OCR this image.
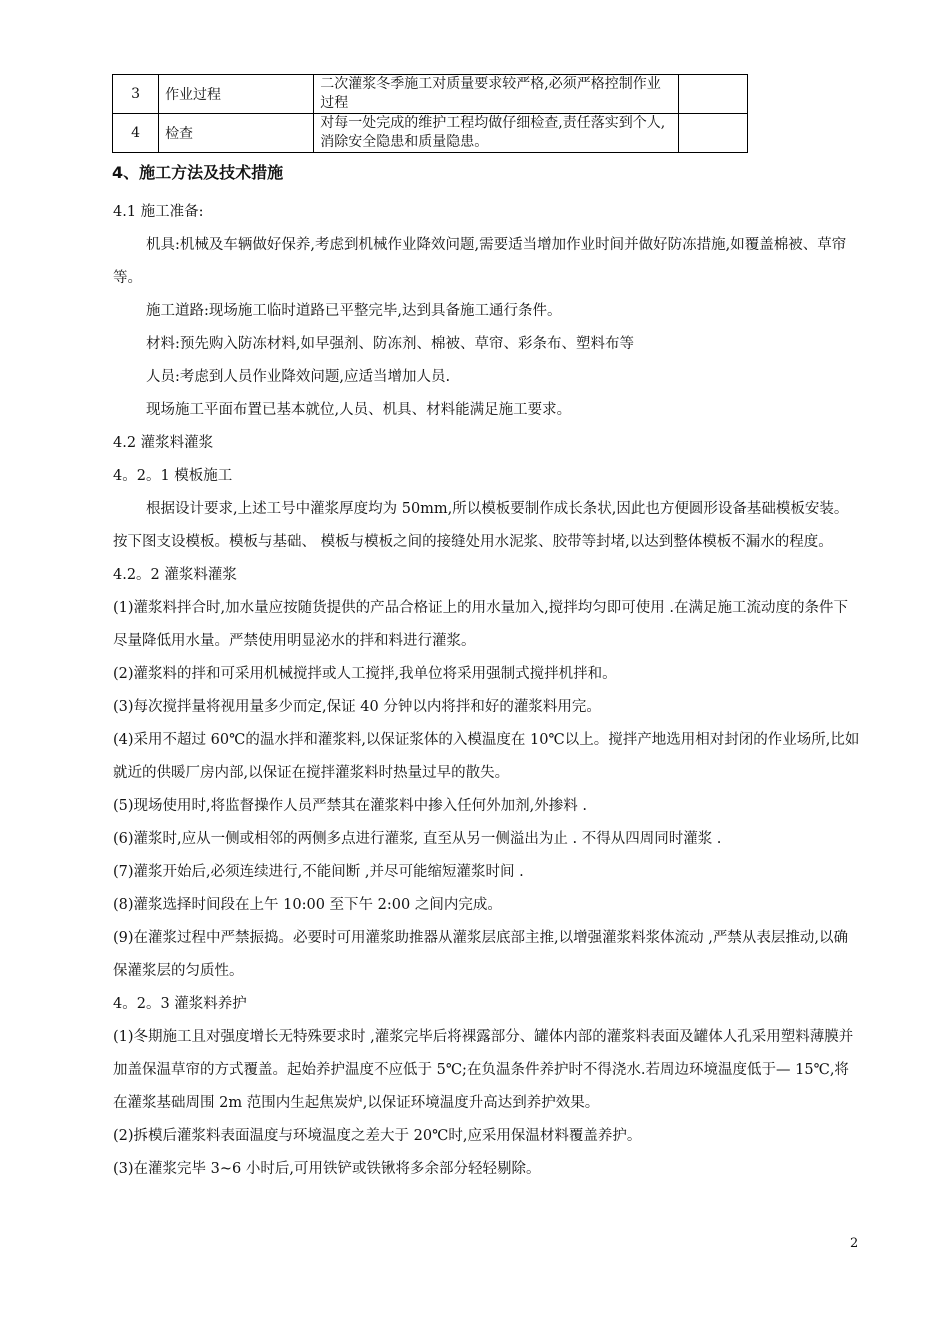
3	作业过程	二次灌浆冬季施工对质量要求较严格,必须严格控制作业过程	
4	检查	对每一处完成的维护工程均做仔细检查,责任落实到个人,消除安全隐患和质量隐患。	
4、施工方法及技术措施

4.1 施工准备:

机具:机械及车辆做好保养,考虑到机械作业降效问题,需要适当增加作业时间并做好防冻措施,如覆盖棉被、草帘等。

施工道路:现场施工临时道路已平整完毕,达到具备施工通行条件。

材料:预先购入防冻材料,如早强剂、防冻剂、棉被、草帘、彩条布、塑料布等

人员:考虑到人员作业降效问题,应适当增加人员.

现场施工平面布置已基本就位,人员、机具、材料能满足施工要求。

4.2 灌浆料灌浆

4。2。1 模板施工

根据设计要求,上述工号中灌浆厚度均为 50mm,所以模板要制作成长条状,因此也方便圆形设备基础模板安装。按下图支设模板。模板与基础、 模板与模板之间的接缝处用水泥浆、胶带等封堵,以达到整体模板不漏水的程度。

4.2。2 灌浆料灌浆

(1)灌浆料拌合时,加水量应按随货提供的产品合格证上的用水量加入,搅拌均匀即可使用 .在满足施工流动度的条件下尽量降低用水量。严禁使用明显泌水的拌和料进行灌浆。

(2)灌浆料的拌和可采用机械搅拌或人工搅拌,我单位将采用强制式搅拌机拌和。

(3)每次搅拌量将视用量多少而定,保证 40 分钟以内将拌和好的灌浆料用完。

(4)采用不超过 60℃的温水拌和灌浆料,以保证浆体的入模温度在 10℃以上。搅拌产地选用相对封闭的作业场所,比如就近的供暖厂房内部,以保证在搅拌灌浆料时热量过早的散失。

(5)现场使用时,将监督操作人员严禁其在灌浆料中掺入任何外加剂,外掺料 .

(6)灌浆时,应从一侧或相邻的两侧多点进行灌浆, 直至从另一侧溢出为止 . 不得从四周同时灌浆 .

(7)灌浆开始后,必须连续进行,不能间断 ,并尽可能缩短灌浆时间 .

(8)灌浆选择时间段在上午 10:00 至下午 2:00 之间内完成。

(9)在灌浆过程中严禁振捣。必要时可用灌浆助推器从灌浆层底部主推,以增强灌浆料浆体流动 ,严禁从表层推动,以确保灌浆层的匀质性。

4。2。3 灌浆料养护

(1)冬期施工且对强度增长无特殊要求时 ,灌浆完毕后将裸露部分、罐体内部的灌浆料表面及罐体人孔采用塑料薄膜并加盖保温草帘的方式覆盖。起始养护温度不应低于 5℃;在负温条件养护时不得浇水.若周边环境温度低于— 15℃,将在灌浆基础周围 2m 范围内生起焦炭炉,以保证环境温度升高达到养护效果。

(2)拆模后灌浆料表面温度与环境温度之差大于 20℃时,应采用保温材料覆盖养护。

(3)在灌浆完毕 3~6 小时后,可用铁铲或铁锹将多余部分轻轻剔除。

2
